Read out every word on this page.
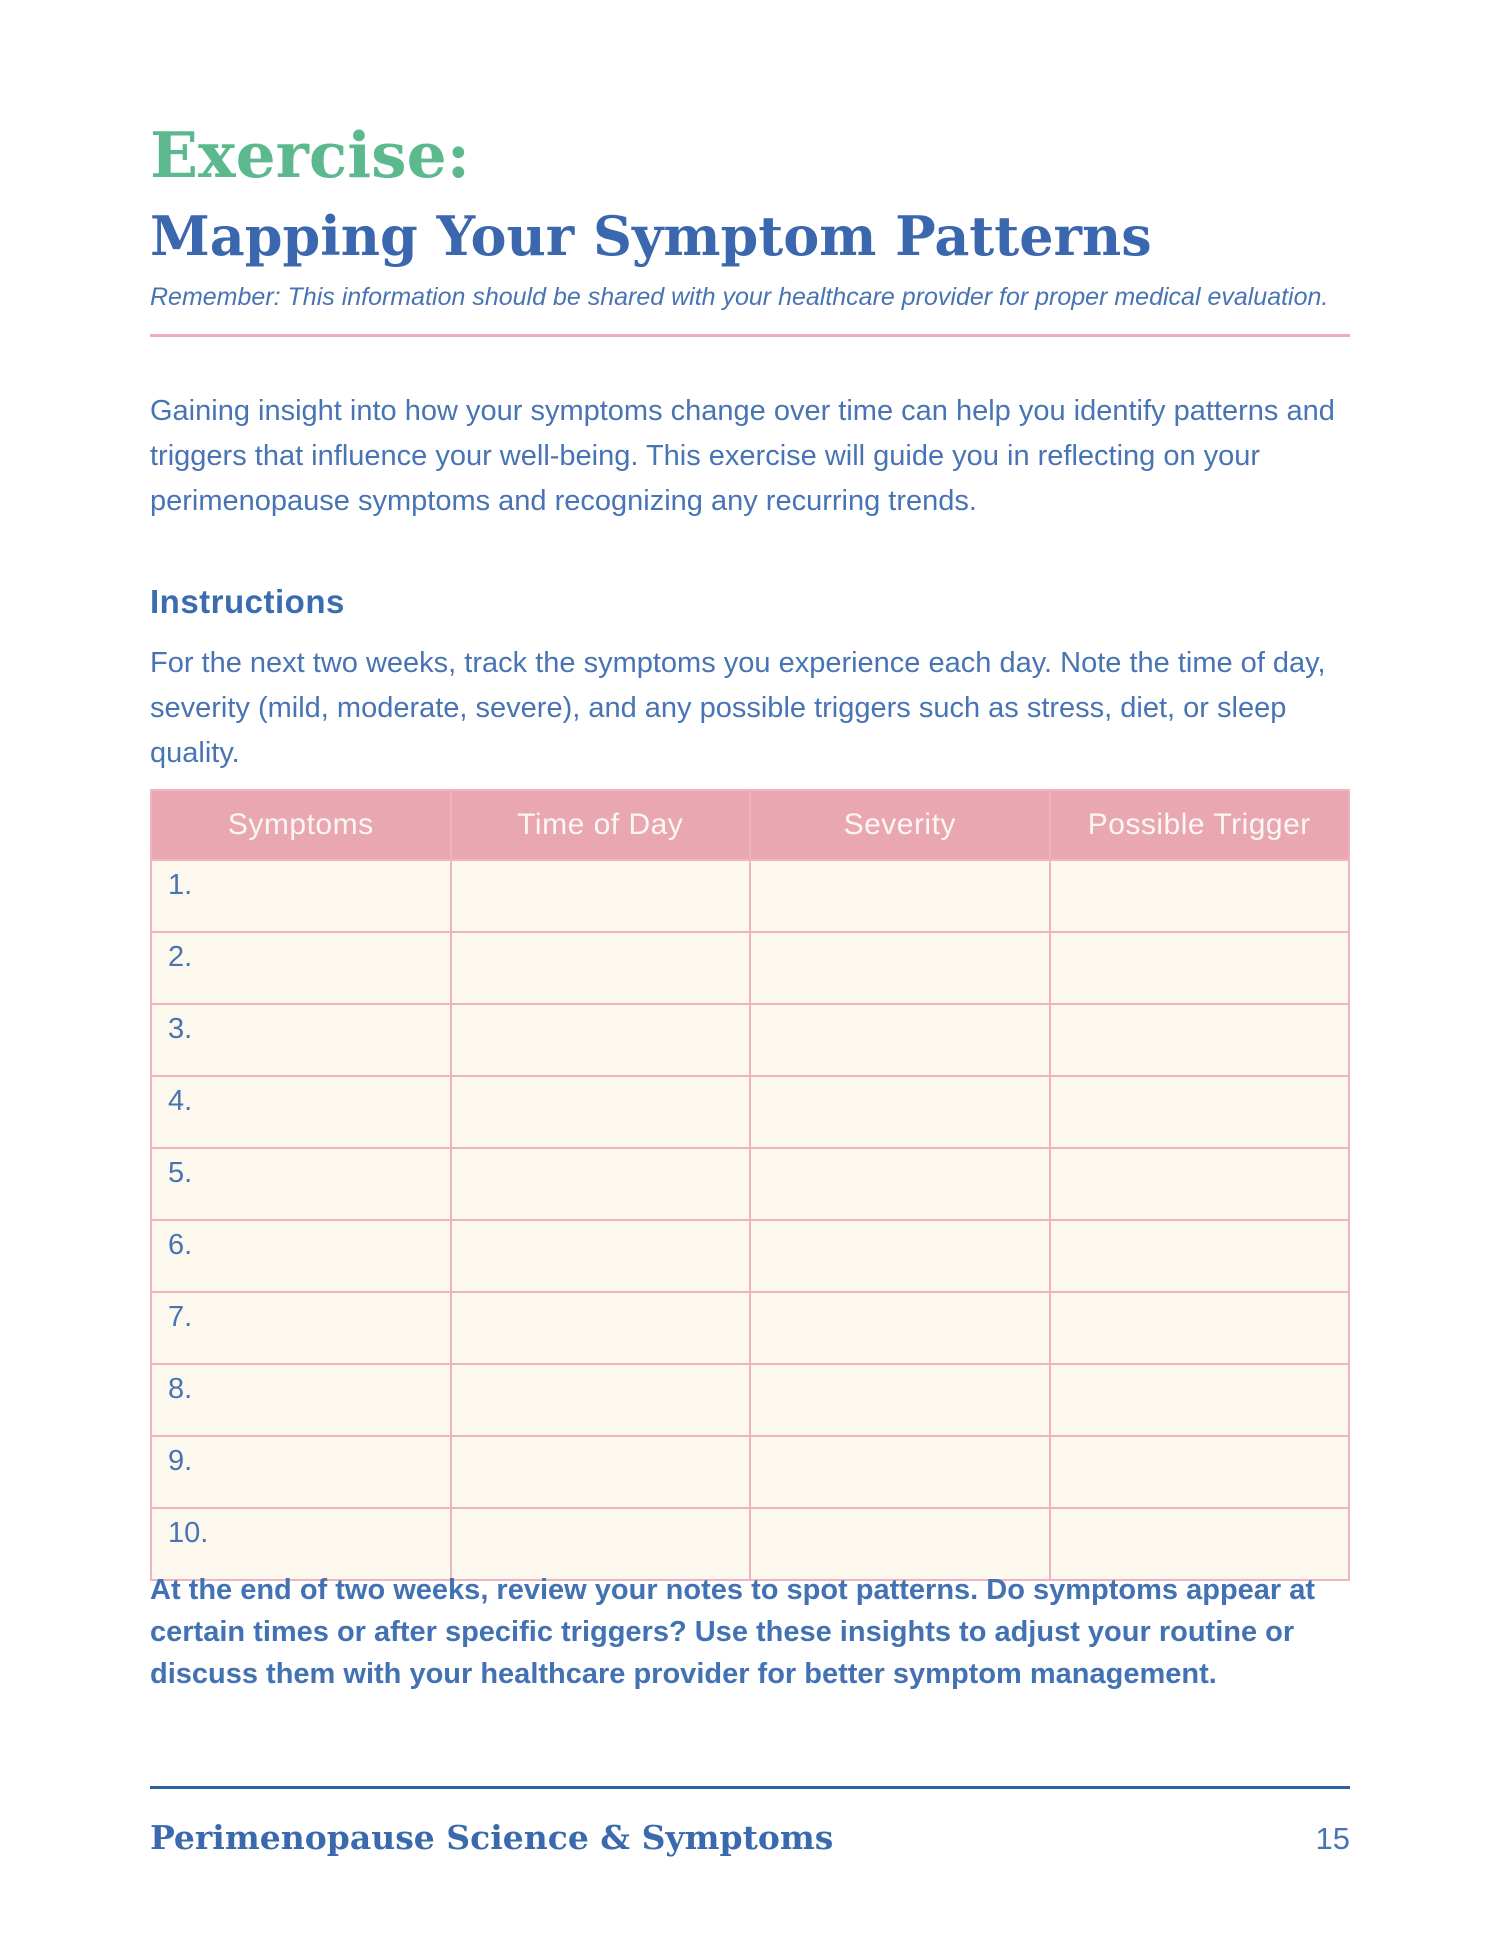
Exercise:
Mapping Your Symptom Patterns

Remember: This information should be shared with your healthcare provider for proper medical evaluation.

Gaining insight into how your symptoms change over time can help you identify patterns and triggers that influence your well-being. This exercise will guide you in reflecting on your perimenopause symptoms and recognizing any recurring trends.

Instructions

For the next two weeks, track the symptoms you experience each day. Note the time of day, severity (mild, moderate, severe), and any possible triggers such as stress, diet, or sleep quality.

Symptoms	Time of Day	Severity	Possible Trigger
1.			
2.			
3.			
4.			
5.			
6.			
7.			
8.			
9.			
10.			

At the end of two weeks, review your notes to spot patterns. Do symptoms appear at certain times or after specific triggers? Use these insights to adjust your routine or discuss them with your healthcare provider for better symptom management.

Perimenopause Science & Symptoms	15
